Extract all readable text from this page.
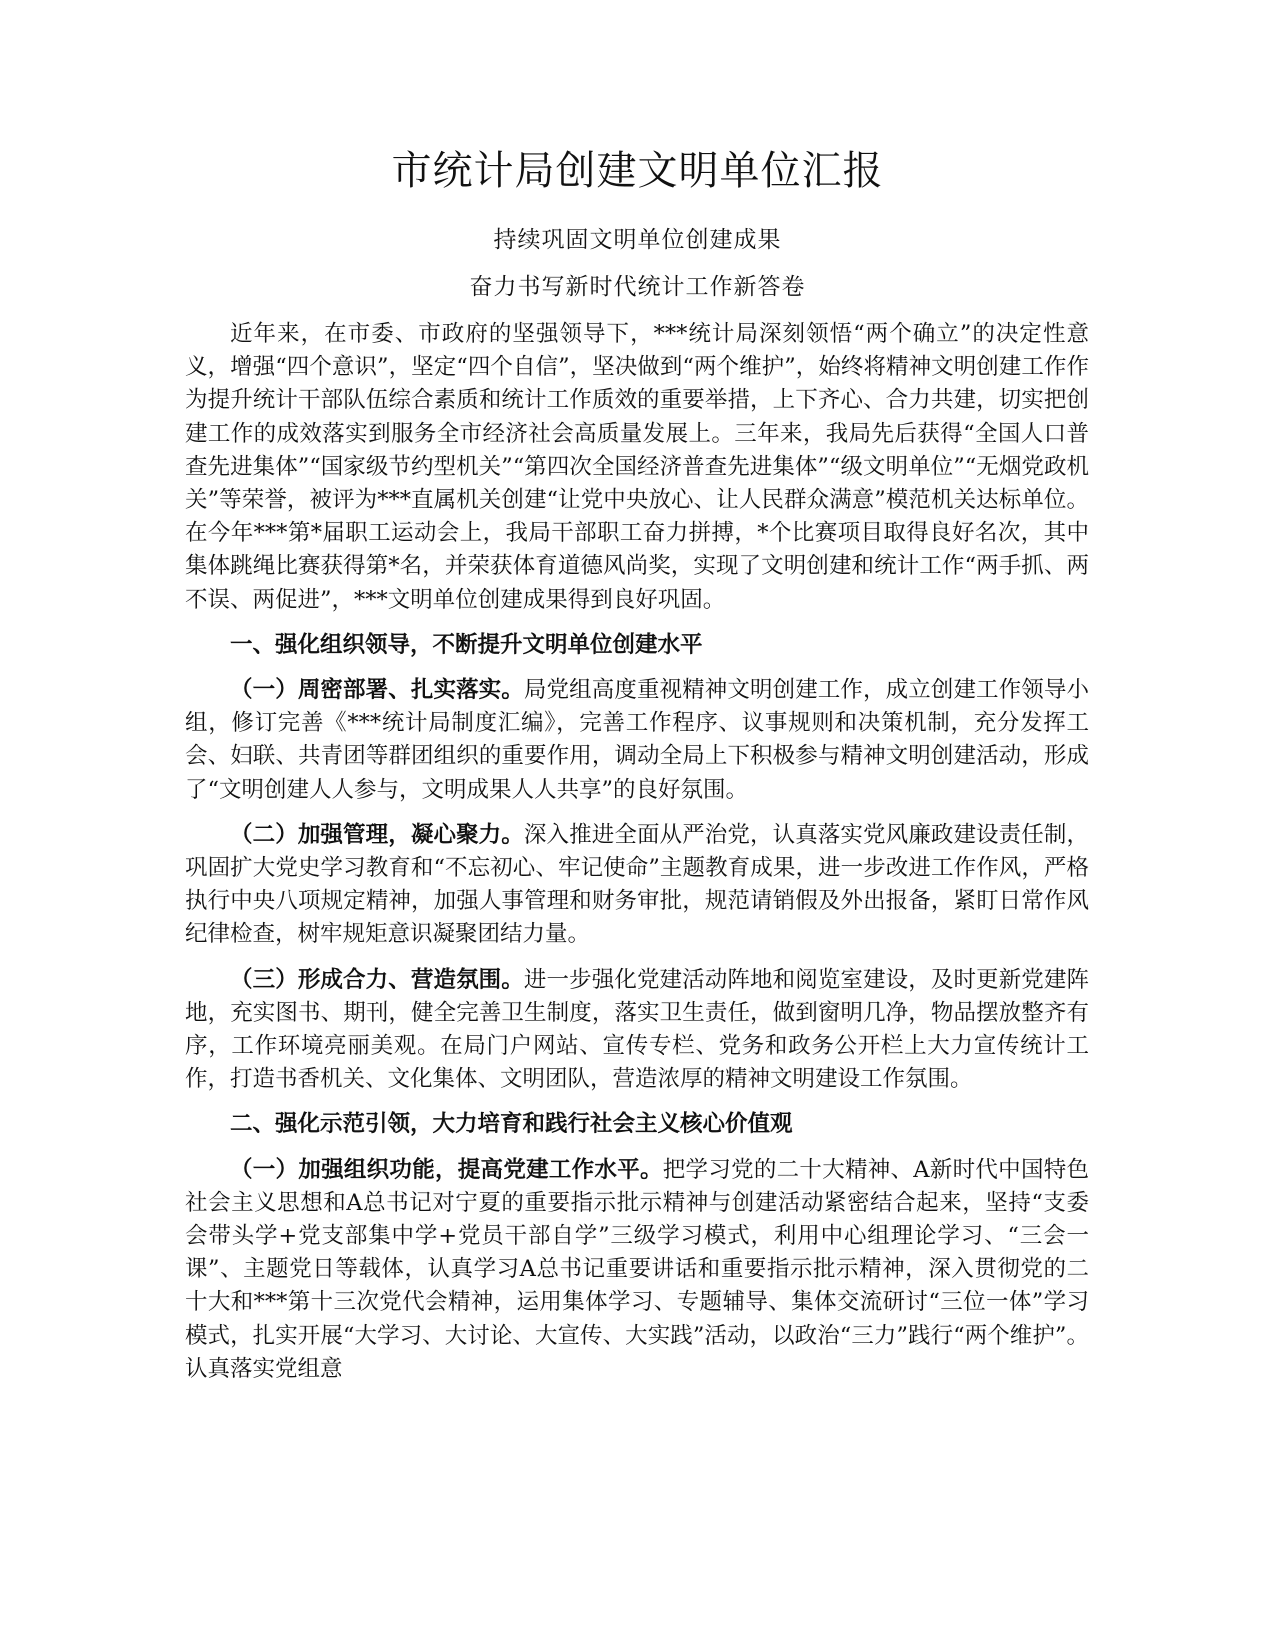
市统计局创建文明单位汇报
持续巩固文明单位创建成果
奋力书写新时代统计工作新答卷

近年来，在市委、市政府的坚强领导下，***统计局深刻领悟“两个确立”的决定性意义，增强“四个意识”，坚定“四个自信”，坚决做到“两个维护”，始终将精神文明创建工作作为提升统计干部队伍综合素质和统计工作质效的重要举措，上下齐心、合力共建，切实把创建工作的成效落实到服务全市经济社会高质量发展上。三年来，我局先后获得“全国人口普查先进集体”“国家级节约型机关”“第四次全国经济普查先进集体”“级文明单位”“无烟党政机关”等荣誉，被评为***直属机关创建“让党中央放心、让人民群众满意”模范机关达标单位。在今年***第*届职工运动会上，我局干部职工奋力拼搏，*个比赛项目取得良好名次，其中集体跳绳比赛获得第*名，并荣获体育道德风尚奖，实现了文明创建和统计工作“两手抓、两不误、两促进”，***文明单位创建成果得到良好巩固。

一、强化组织领导，不断提升文明单位创建水平

（一）周密部署、扎实落实。局党组高度重视精神文明创建工作，成立创建工作领导小组，修订完善《***统计局制度汇编》，完善工作程序、议事规则和决策机制，充分发挥工会、妇联、共青团等群团组织的重要作用，调动全局上下积极参与精神文明创建活动，形成了“文明创建人人参与，文明成果人人共享”的良好氛围。

（二）加强管理，凝心聚力。深入推进全面从严治党，认真落实党风廉政建设责任制，巩固扩大党史学习教育和“不忘初心、牢记使命”主题教育成果，进一步改进工作作风，严格执行中央八项规定精神，加强人事管理和财务审批，规范请销假及外出报备，紧盯日常作风纪律检查，树牢规矩意识凝聚团结力量。

（三）形成合力、营造氛围。进一步强化党建活动阵地和阅览室建设，及时更新党建阵地，充实图书、期刊，健全完善卫生制度，落实卫生责任，做到窗明几净，物品摆放整齐有序，工作环境亮丽美观。在局门户网站、宣传专栏、党务和政务公开栏上大力宣传统计工作，打造书香机关、文化集体、文明团队，营造浓厚的精神文明建设工作氛围。

二、强化示范引领，大力培育和践行社会主义核心价值观

（一）加强组织功能，提高党建工作水平。把学习党的二十大精神、A新时代中国特色社会主义思想和A总书记对宁夏的重要指示批示精神与创建活动紧密结合起来，坚持“支委会带头学+党支部集中学+党员干部自学”三级学习模式，利用中心组理论学习、“三会一课”、主题党日等载体，认真学习A总书记重要讲话和重要指示批示精神，深入贯彻党的二十大和***第十三次党代会精神，运用集体学习、专题辅导、集体交流研讨“三位一体”学习模式，扎实开展“大学习、大讨论、大宣传、大实践”活动，以政治“三力”践行“两个维护”。认真落实党组意
